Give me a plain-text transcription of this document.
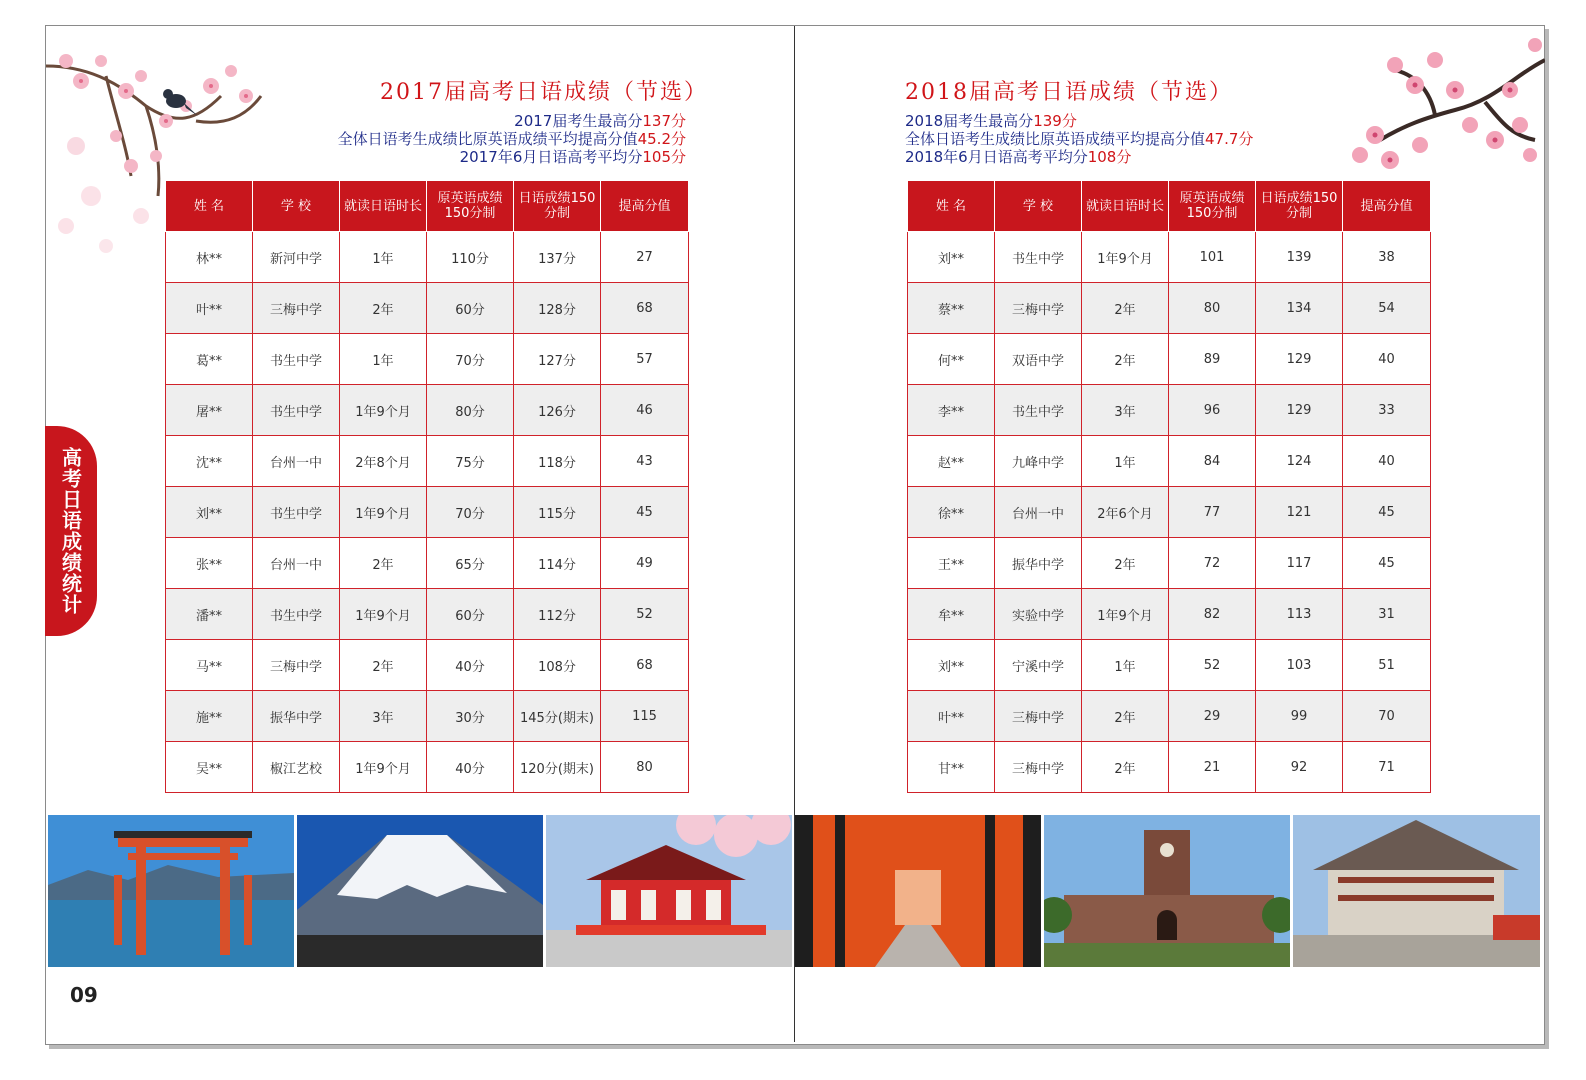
2017届高考日语成绩（节选）
2017届考生最高分137分
全体日语考生成绩比原英语成绩平均提高分值45.2分
2017年6月日语高考平均分105分
姓 名	学 校	就读日语时长	原英语成绩150分制	日语成绩150分制	提高分值
林**	新河中学	1年	110分	137分	27
叶**	三梅中学	2年	60分	128分	68
葛**	书生中学	1年	70分	127分	57
屠**	书生中学	1年9个月	80分	126分	46
沈**	台州一中	2年8个月	75分	118分	43
刘**	书生中学	1年9个月	70分	115分	45
张**	台州一中	2年	65分	114分	49
潘**	书生中学	1年9个月	60分	112分	52
马**	三梅中学	2年	40分	108分	68
施**	振华中学	3年	30分	145分(期末)	115
吴**	椒江艺校	1年9个月	40分	120分(期末)	80
高考日语成绩统计
2018届高考日语成绩（节选）
2018届考生最高分139分
全体日语考生成绩比原英语成绩平均提高分值47.7分
2018年6月日语高考平均分108分
姓 名	学 校	就读日语时长	原英语成绩150分制	日语成绩150分制	提高分值
刘**	书生中学	1年9个月	101	139	38
蔡**	三梅中学	2年	80	134	54
何**	双语中学	2年	89	129	40
李**	书生中学	3年	96	129	33
赵**	九峰中学	1年	84	124	40
徐**	台州一中	2年6个月	77	121	45
王**	振华中学	2年	72	117	45
牟**	实验中学	1年9个月	82	113	31
刘**	宁溪中学	1年	52	103	51
叶**	三梅中学	2年	29	99	70
甘**	三梅中学	2年	21	92	71
09
